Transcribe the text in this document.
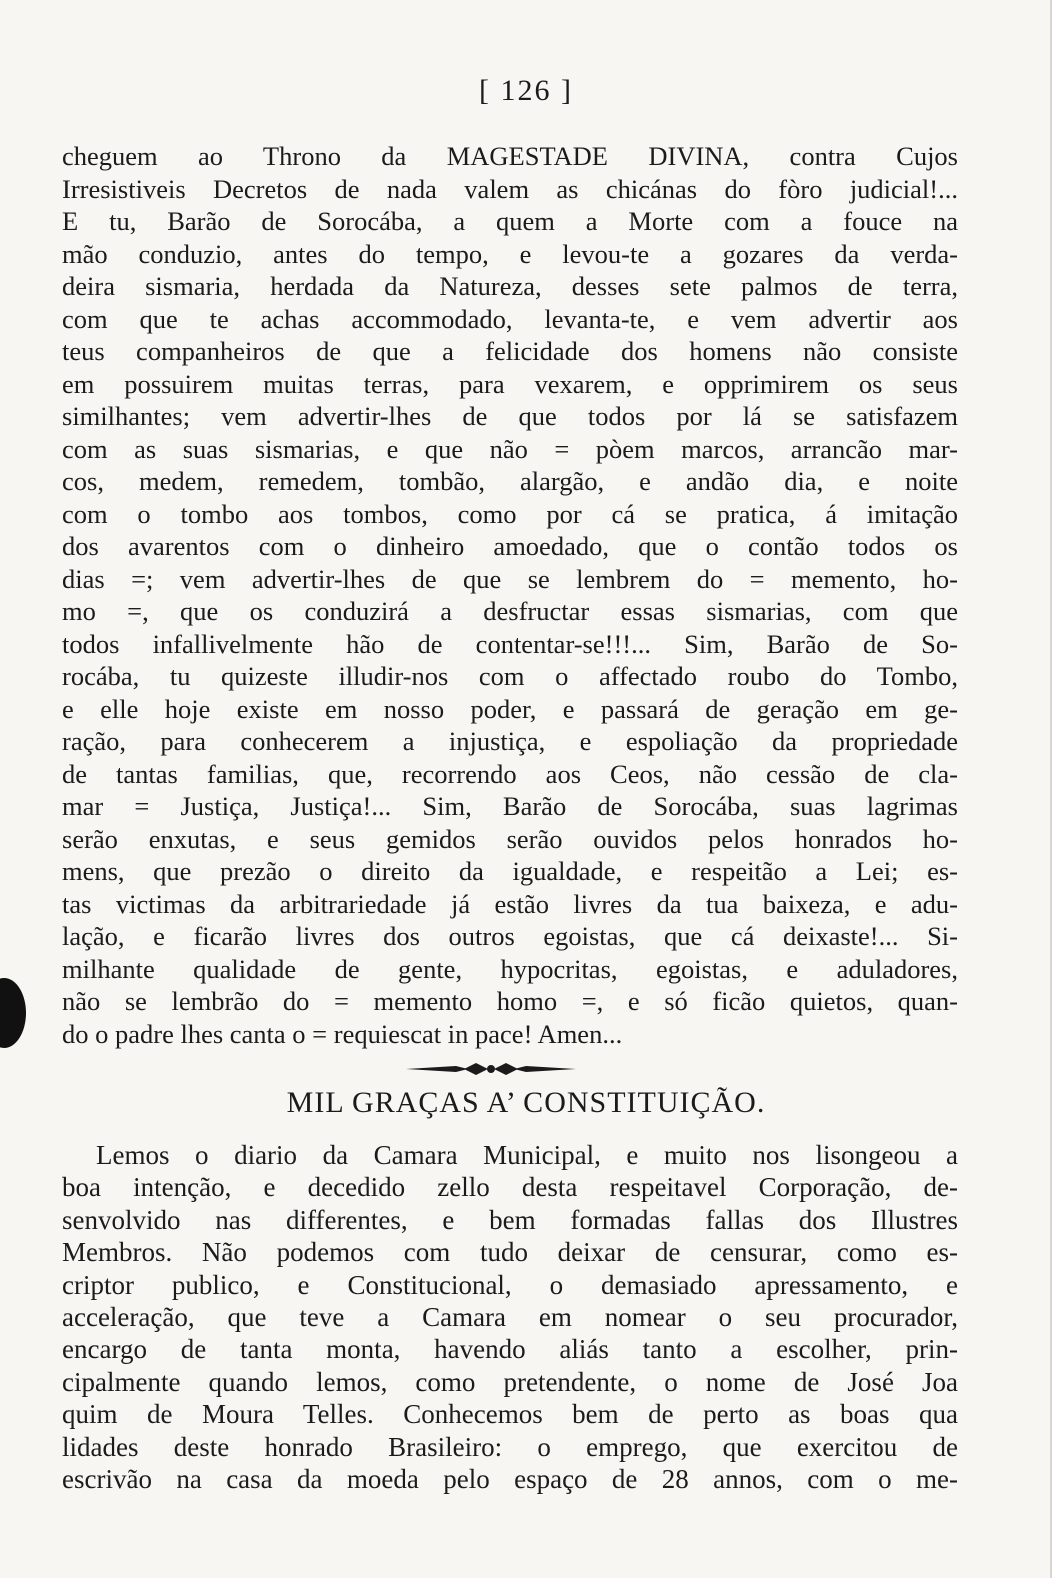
[ 126 ]
cheguem ao Throno da MAGESTADE DIVINA, contra Cujos
Irresistiveis Decretos de nada valem as chicánas do fòro judicial!...
E tu, Barão de Sorocába, a quem a Morte com a fouce na
mão conduzio, antes do tempo, e levou-te a gozares da verda-
deira sismaria, herdada da Natureza, desses sete palmos de terra,
com que te achas accommodado, levanta-te, e vem advertir aos
teus companheiros de que a felicidade dos homens não consiste
em possuirem muitas terras, para vexarem, e opprimirem os seus
similhantes; vem advertir-lhes de que todos por lá se satisfazem
com as suas sismarias, e que não = pòem marcos, arrancão mar-
cos, medem, remedem, tombão, alargão, e andão dia, e noite
com o tombo aos tombos, como por cá se pratica, á imitação
dos avarentos com o dinheiro amoedado, que o contão todos os
dias =; vem advertir-lhes de que se lembrem do = memento, ho-
mo =, que os conduzirá a desfructar essas sismarias, com que
todos infallivelmente hão de contentar-se!!!... Sim, Barão de So-
rocába, tu quizeste illudir-nos com o affectado roubo do Tombo,
e elle hoje existe em nosso poder, e passará de geração em ge-
ração, para conhecerem a injustiça, e espoliação da propriedade
de tantas familias, que, recorrendo aos Ceos, não cessão de cla-
mar = Justiça, Justiça!... Sim, Barão de Sorocába, suas lagrimas
serão enxutas, e seus gemidos serão ouvidos pelos honrados ho-
mens, que prezão o direito da igualdade, e respeitão a Lei; es-
tas victimas da arbitrariedade já estão livres da tua baixeza, e adu-
lação, e ficarão livres dos outros egoistas, que cá deixaste!... Si-
milhante qualidade de gente, hypocritas, egoistas, e aduladores,
não se lembrão do = memento homo =, e só ficão quietos, quan-
do o padre lhes canta o = requiescat in pace! Amen...
MIL GRAÇAS A’ CONSTITUIÇÃO.
Lemos o diario da Camara Municipal, e muito nos lisongeou a
boa intenção, e decedido zello desta respeitavel Corporação, de-
senvolvido nas differentes, e bem formadas fallas dos Illustres
Membros. Não podemos com tudo deixar de censurar, como es-
criptor publico, e Constitucional, o demasiado apressamento, e
acceleração, que teve a Camara em nomear o seu procurador,
encargo de tanta monta, havendo aliás tanto a escolher, prin-
cipalmente quando lemos, como pretendente, o nome de José Joa
quim de Moura Telles. Conhecemos bem de perto as boas qua
lidades deste honrado Brasileiro: o emprego, que exercitou de
escrivão na casa da moeda pelo espaço de 28 annos, com o me-
